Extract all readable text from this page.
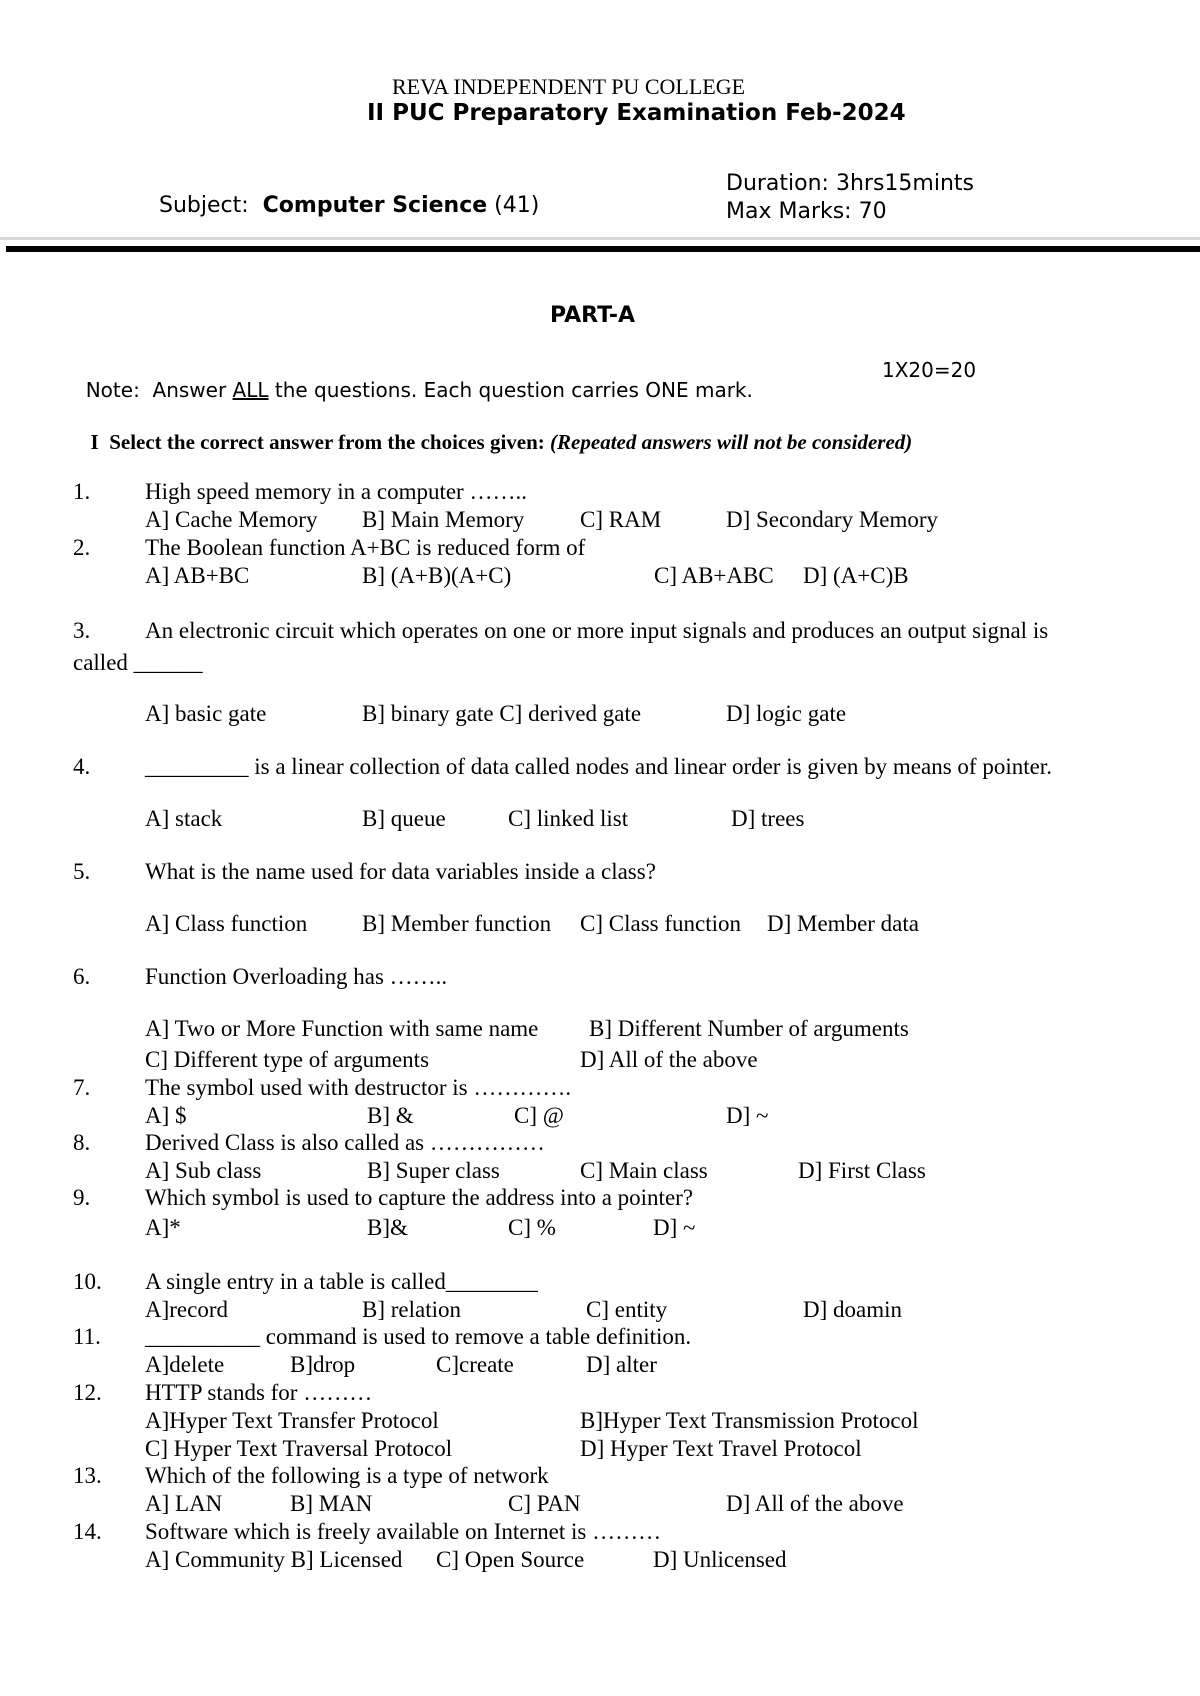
REVA INDEPENDENT PU COLLEGE
II PUC Preparatory Examination Feb-2024

Subject: Computer Science (41)

Duration: 3hrs15mints
Max Marks: 70
PART-A

Note:  Answer ALL the questions. Each question carries ONE mark.

1X20=20

I Select the correct answer from the choices given: (Repeated answers will not be considered)

1. High speed memory in a computer ……..
A] Cache Memory B] Main Memory C] RAM	D] Secondary Memory
2. The Boolean function A+BC is reduced form of
A] AB+BC	B] (A+B)(A+C)	C] AB+ABC D] (A+C)B
3. An electronic circuit which operates on one or more input signals and produces an output signal is
called ______
A] basic gate	B] binary gate C] derived gate	D] logic gate
4. _________ is a linear collection of data called nodes and linear order is given by means of pointer.
A] stack	B] queue	C] linked list	D] trees
5. What is the name used for data variables inside a class?
A] Class function B] Member function C] Class function D] Member data
6. Function Overloading has ……..
A] Two or More Function with same name B] Different Number of arguments
C] Different type of arguments	D] All of the above
7. The symbol used with destructor is ………….
A] $	B] &	C] @	D] ~
8. Derived Class is also called as ……………
A] Sub class	B] Super class	C] Main class	D] First Class
9. Which symbol is used to capture the address into a pointer?
A]*	B]&	C] %	D] ~
10. A single entry in a table is called________
A]record	B] relation	C] entity	D] doamin
11. __________ command is used to remove a table definition.
A]delete	B]drop	C]create	D] alter
12. HTTP stands for ………
A]Hyper Text Transfer Protocol	B]Hyper Text Transmission Protocol
C] Hyper Text Traversal Protocol	D] Hyper Text Travel Protocol
13. Which of the following is a type of network
A] LAN	B] MAN	C] PAN	D] All of the above
14. Software which is freely available on Internet is ………
A] Community B] Licensed C] Open Source	D] Unlicensed
